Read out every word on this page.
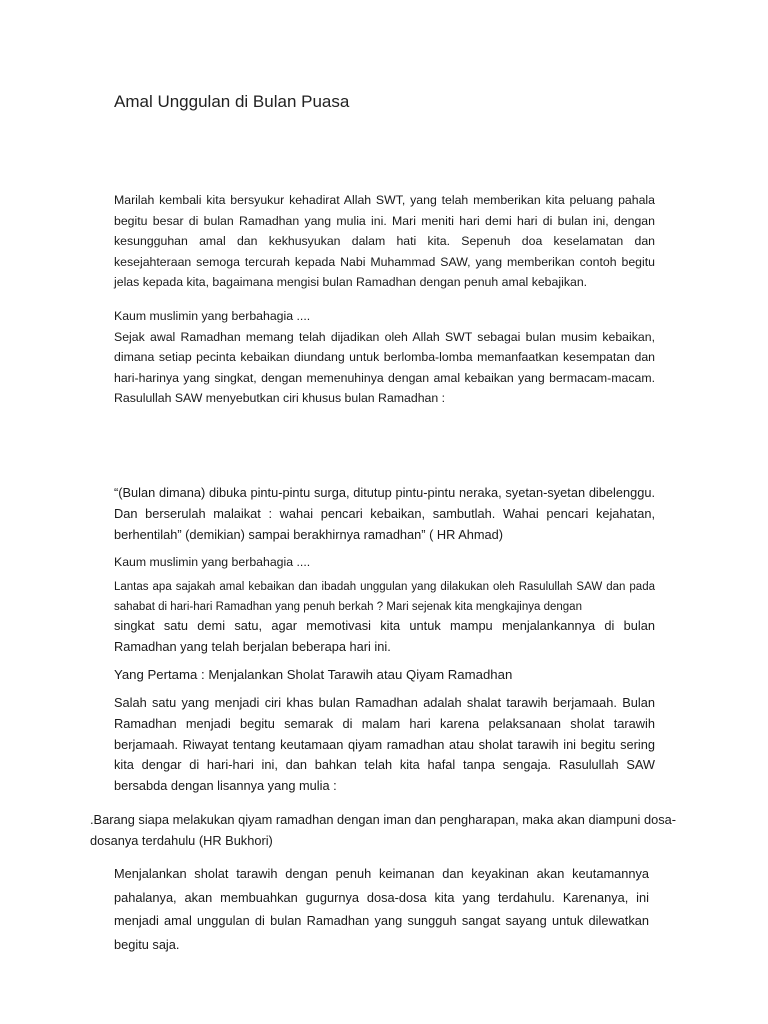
Amal Unggulan di Bulan Puasa

Marilah kembali kita bersyukur kehadirat Allah SWT, yang telah memberikan kita peluang pahala begitu besar di bulan Ramadhan yang mulia ini. Mari meniti hari demi hari di bulan ini, dengan kesungguhan amal dan kekhusyukan dalam hati kita. Sepenuh doa keselamatan dan kesejahteraan semoga tercurah kepada Nabi Muhammad SAW, yang memberikan contoh begitu jelas kepada kita, bagaimana mengisi bulan Ramadhan dengan penuh amal kebajikan.

Kaum muslimin yang berbahagia ....
Sejak awal Ramadhan memang telah dijadikan oleh Allah SWT sebagai bulan musim kebaikan, dimana setiap pecinta kebaikan diundang untuk berlomba-lomba memanfaatkan kesempatan dan hari-harinya yang singkat, dengan memenuhinya dengan amal kebaikan yang bermacam-macam. Rasulullah SAW menyebutkan ciri khusus bulan Ramadhan :

“(Bulan dimana) dibuka pintu-pintu surga, ditutup pintu-pintu neraka, syetan-syetan dibelenggu. Dan berserulah malaikat : wahai pencari kebaikan, sambutlah. Wahai pencari kejahatan, berhentilah” (demikian) sampai berakhirnya ramadhan” ( HR Ahmad)

Kaum muslimin yang berbahagia ....

Lantas apa sajakah amal kebaikan dan ibadah unggulan yang dilakukan oleh Rasulullah SAW dan pada sahabat di hari-hari Ramadhan yang penuh berkah ? Mari sejenak kita mengkajinya dengan

singkat satu demi satu, agar memotivasi kita untuk mampu menjalankannya di bulan Ramadhan yang telah berjalan beberapa hari ini.

Yang Pertama : Menjalankan Sholat Tarawih atau Qiyam Ramadhan

Salah satu yang menjadi ciri khas bulan Ramadhan adalah shalat tarawih berjamaah. Bulan Ramadhan menjadi begitu semarak di malam hari karena pelaksanaan sholat tarawih berjamaah. Riwayat tentang keutamaan qiyam ramadhan atau sholat tarawih ini begitu sering kita dengar di hari-hari ini, dan bahkan telah kita hafal tanpa sengaja. Rasulullah SAW bersabda dengan lisannya yang mulia :

.Barang siapa melakukan qiyam ramadhan dengan iman dan pengharapan, maka akan diampuni dosa-dosanya terdahulu (HR Bukhori)

Menjalankan sholat tarawih dengan penuh keimanan dan keyakinan akan keutamannya pahalanya, akan membuahkan gugurnya dosa-dosa kita yang terdahulu. Karenanya, ini menjadi amal unggulan di bulan Ramadhan yang sungguh sangat sayang untuk dilewatkan begitu saja.
